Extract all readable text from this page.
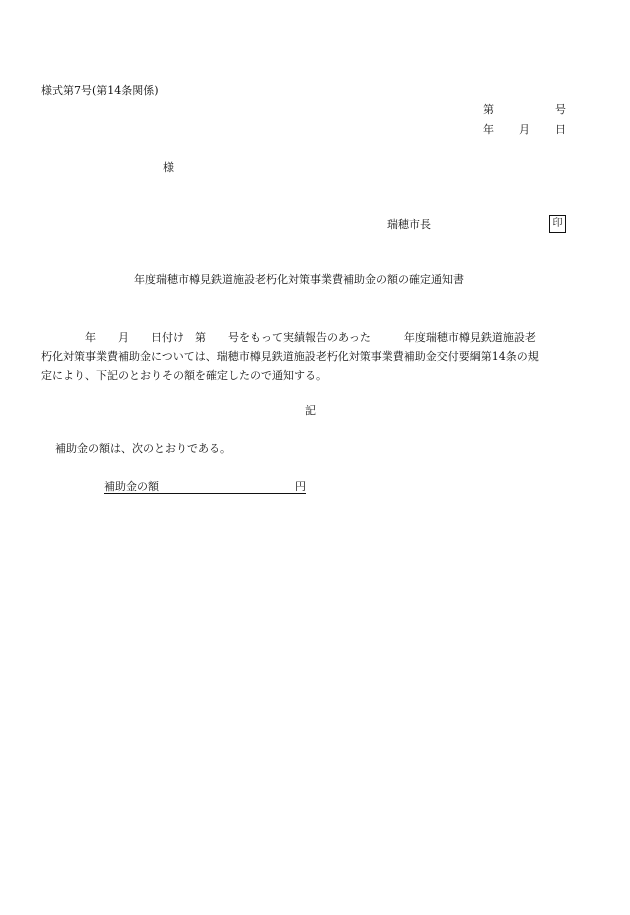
様式第7号(第14条関係)
第	号
年 月 日
様
瑞穂市長	印
年度瑞穂市樽見鉄道施設老朽化対策事業費補助金の額の確定通知書
　　　　年　　月　　日付け　第　　号をもって実績報告のあった　　　年度瑞穂市樽見鉄道施設老
朽化対策事業費補助金については、瑞穂市樽見鉄道施設老朽化対策事業費補助金交付要綱第14条の規
定により、下記のとおりその額を確定したので通知する。
記
補助金の額は、次のとおりである。
補助金の額	円
